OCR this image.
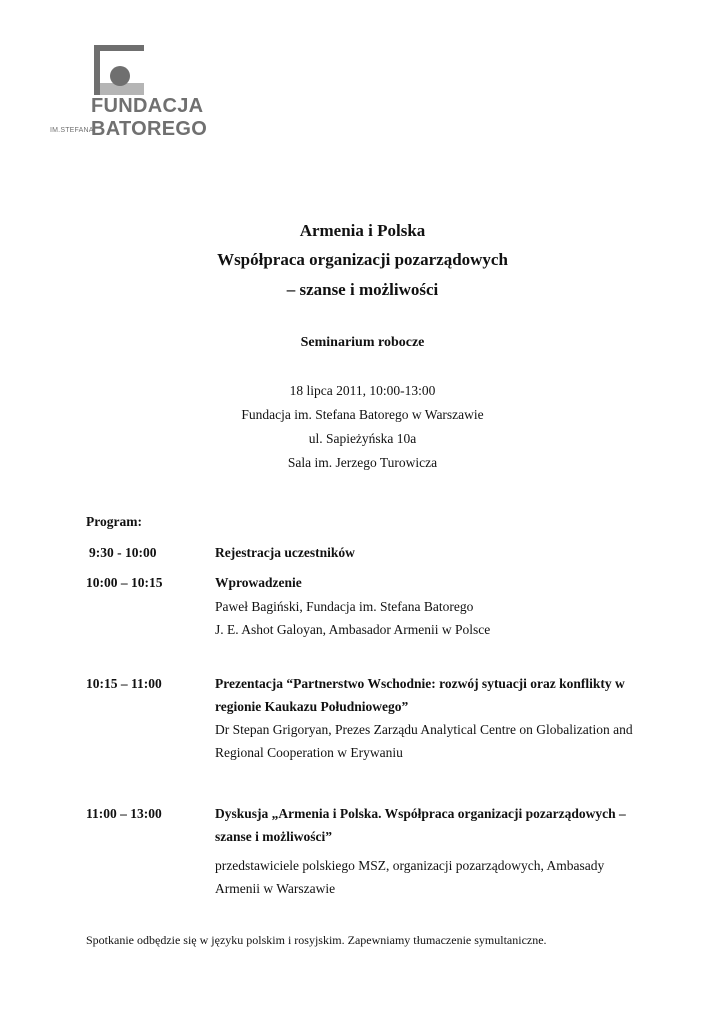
FUNDACJA
IM.STEFANA
BATOREGO
Armenia i Polska
Współpraca organizacji pozarządowych
– szanse i możliwości
Seminarium robocze
18 lipca 2011, 10:00-13:00
Fundacja im. Stefana Batorego w Warszawie
ul. Sapieżyńska 10a
Sala im. Jerzego Turowicza
Program:
9:30 - 10:00	Rejestracja uczestników
10:00 – 10:15	Wprowadzenie
Paweł Bagiński, Fundacja im. Stefana Batorego
J. E. Ashot Galoyan, Ambasador Armenii w Polsce
10:15 – 11:00	Prezentacja “Partnerstwo Wschodnie: rozwój sytuacji oraz konflikty w
regionie Kaukazu Południowego”
Dr Stepan Grigoryan, Prezes Zarządu Analytical Centre on Globalization and
Regional Cooperation w Erywaniu
11:00 – 13:00	Dyskusja „Armenia i Polska. Współpraca organizacji pozarządowych –
szanse i możliwości”
przedstawiciele polskiego MSZ, organizacji pozarządowych, Ambasady
Armenii w Warszawie
Spotkanie odbędzie się w języku polskim i rosyjskim. Zapewniamy tłumaczenie symultaniczne.
